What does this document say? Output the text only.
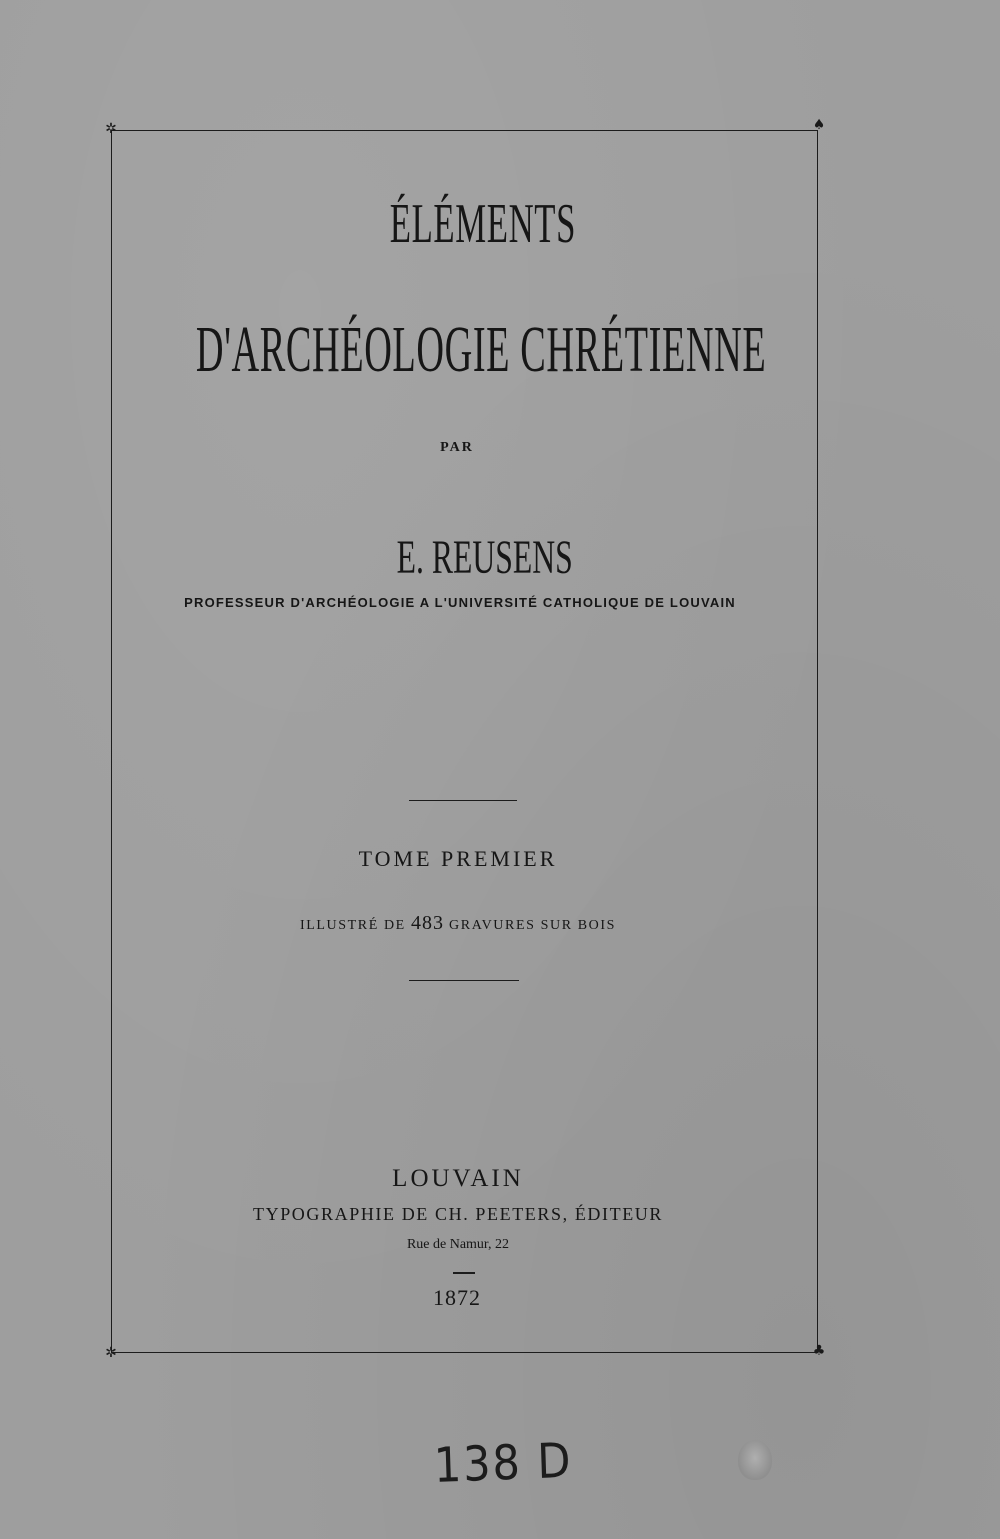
✲	♠
✲	♣
ÉLÉMENTS
D'ARCHÉOLOGIE CHRÉTIENNE
PAR
E. REUSENS
PROFESSEUR D'ARCHÉOLOGIE A L'UNIVERSITÉ CATHOLIQUE DE LOUVAIN
TOME PREMIER
ILLUSTRÉ DE 483 GRAVURES SUR BOIS
LOUVAIN
TYPOGRAPHIE DE CH. PEETERS, ÉDITEUR
Rue de Namur, 22
1872
138 D
